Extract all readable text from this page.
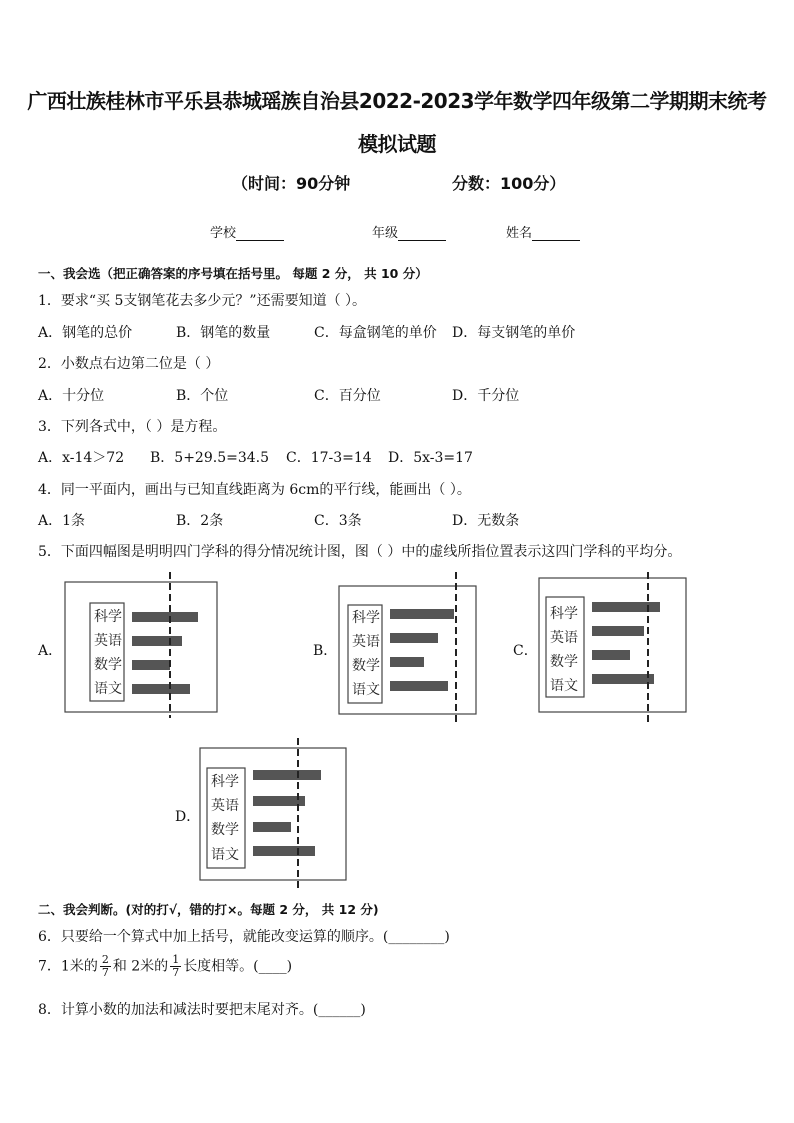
广西壮族桂林市平乐县恭城瑶族自治县2022-2023学年数学四年级第二学期期末统考
模拟试题
（时间：90分钟	分数：100分）
学校	年级	姓名
一、我会选（把正确答案的序号填在括号里。 每题 2 分， 共 10 分）
1．要求“买 5支钢笔花去多少元？”还需要知道（ ）。
A．钢笔的总价	B．钢笔的数量	C．每盒钢笔的单价 D．每支钢笔的单价
2．小数点右边第二位是（ ）
A．十分位	B．个位	C．百分位	D．千分位
3．下列各式中，（ ）是方程。
A．x-14＞72 B．5+29.5=34.5 C．17-3=14 D．5x-3=17
4．同一平面内，画出与已知直线距离为 6cm的平行线，能画出（ ）。
A．1条	B．2条	C．3条	D．无数条
5．下面四幅图是明明四门学科的得分情况统计图，图（ ）中的虚线所指位置表示这四门学科的平均分。
A．	B．	C．
D．
科学
英语
数学
语文
科学
英语
数学
语文
科学
英语
数学
语文
科学
英语
数学
语文
二、我会判断。(对的打√，错的打×。每题 2 分， 共 12 分)
6．只要给一个算式中加上括号，就能改变运算的顺序。(________)
7．1米的 $\frac{2}{7}$ 和 2米的 $\frac{1}{7}$ 长度相等。(____)
8．计算小数的加法和减法时要把末尾对齐。(______)
